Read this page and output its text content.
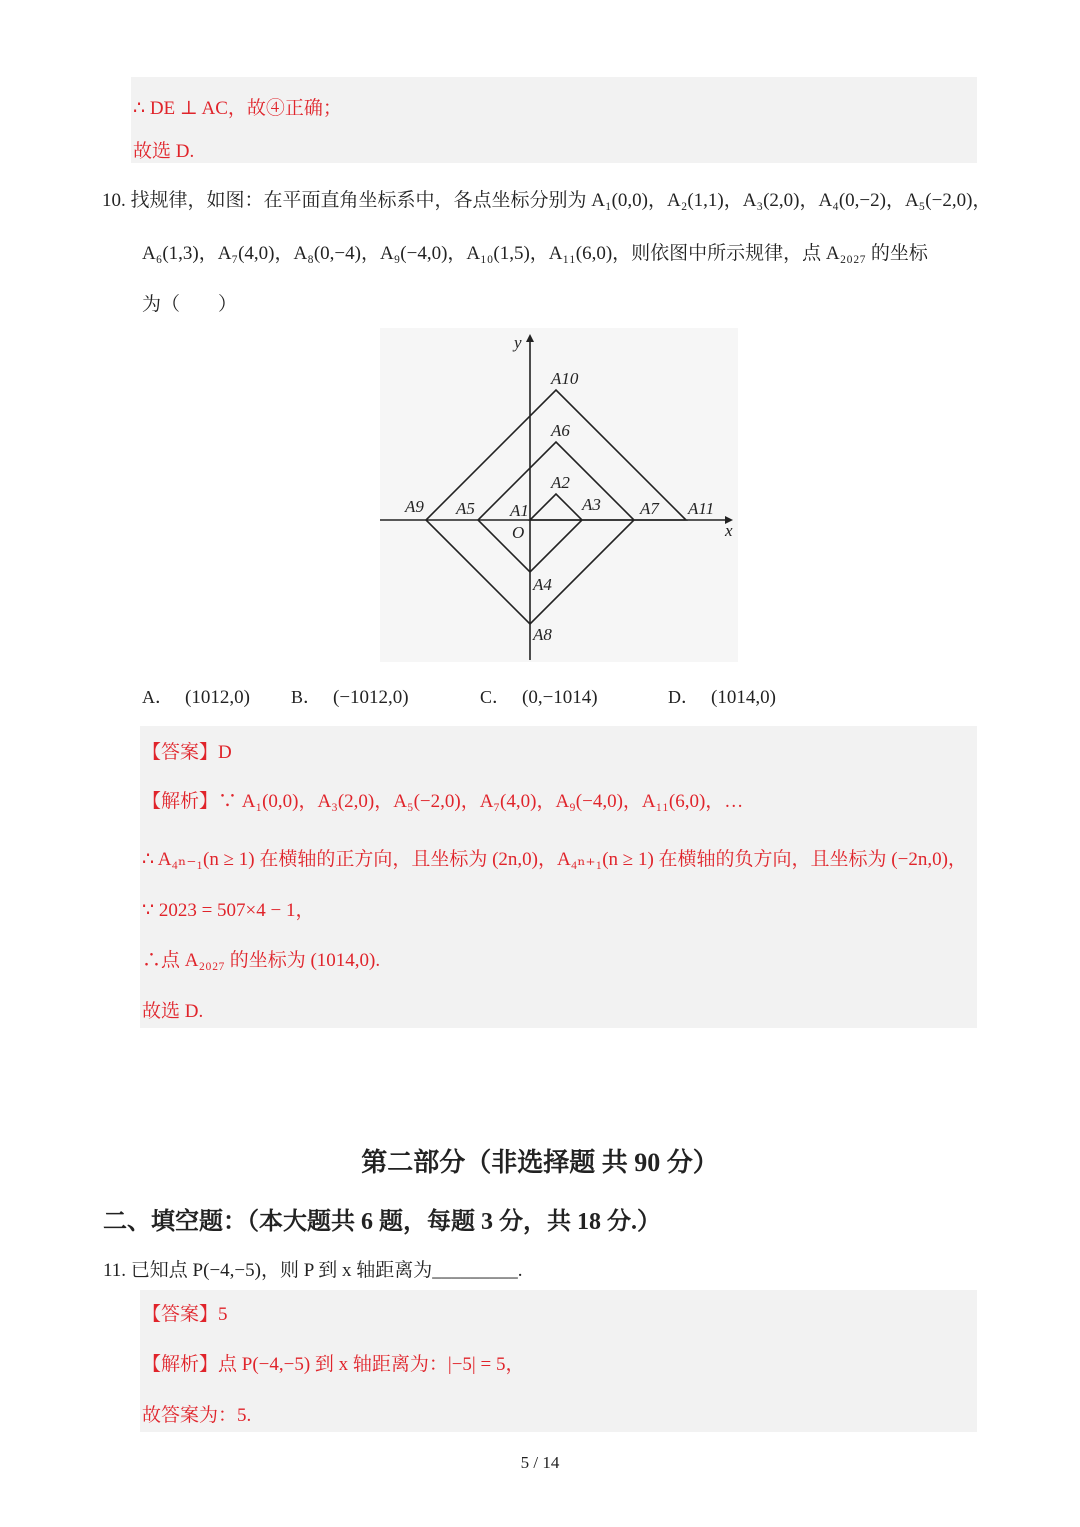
∴ DE ⊥ AC，故④正确；
故选 D.
10. 找规律，如图：在平面直角坐标系中，各点坐标分别为 A₁(0,0)，A₂(1,1)，A₃(2,0)，A₄(0,−2)，A₅(−2,0)，
A₆(1,3)，A₇(4,0)，A₈(0,−4)，A₉(−4,0)，A₁₀(1,5)，A₁₁(6,0)，则依图中所示规律，点 A₂₀₂₇ 的坐标
为（　　）
x
y
O
A10
A6
A2
A9 A5 A1	A3 A7 A11
A4
A8
A． (1012,0) B． (−1012,0)	C． (0,−1014)	D． (1014,0)
【答案】D
【解析】∵ A₁(0,0)，A₃(2,0)，A₅(−2,0)，A₇(4,0)，A₉(−4,0)，A₁₁(6,0)，…
∴ A₄ₙ₋₁(n ≥ 1) 在横轴的正方向，且坐标为 (2n,0)，A₄ₙ₊₁(n ≥ 1) 在横轴的负方向，且坐标为 (−2n,0)，
∵ 2023 = 507×4 − 1，
∴点 A₂₀₂₇ 的坐标为 (1014,0).
故选 D.
第二部分（非选择题 共 90 分）
二、填空题：（本大题共 6 题，每题 3 分，共 18 分.）
11. 已知点 P(−4,−5)，则 P 到 x 轴距离为_________.
【答案】5
【解析】点 P(−4,−5) 到 x 轴距离为：|−5| = 5，
故答案为：5.
5 / 14
